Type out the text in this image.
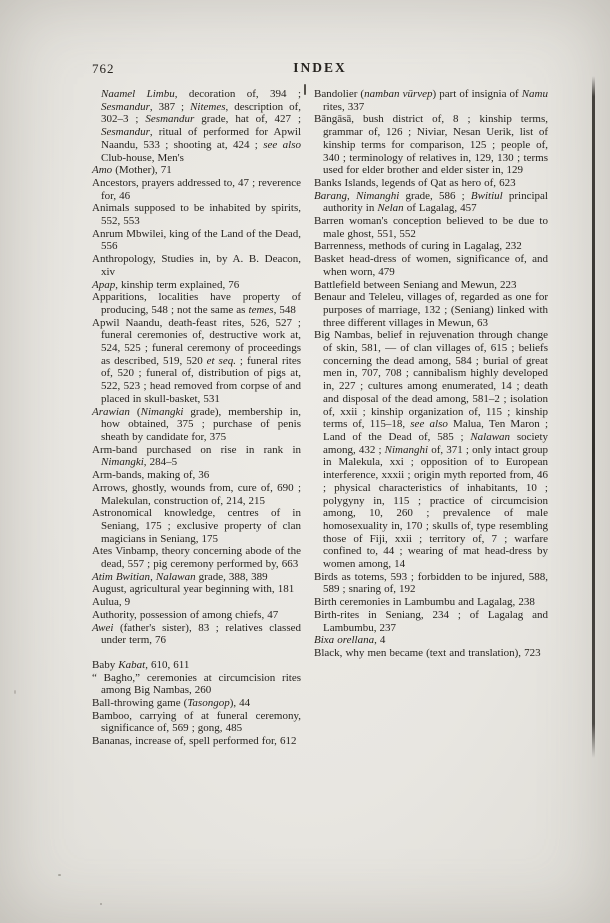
762	INDEX
Naamel Limbu, decoration of, 394 ; Sesmandur, 387 ; Nitemes, description of, 302–3 ; Sesmandur grade, hat of, 427 ; Sesmandur, ritual of performed for Apwil Naandu, 533 ; shooting at, 424 ; see also Club-house, Men's
Amo (Mother), 71
Ancestors, prayers addressed to, 47 ; reverence for, 46
Animals supposed to be inhabited by spirits, 552, 553
Anrum Mbwilei, king of the Land of the Dead, 556
Anthropology, Studies in, by A. B. Deacon, xiv
Apap, kinship term explained, 76
Apparitions, localities have property of producing, 548 ; not the same as temes, 548
Apwil Naandu, death-feast rites, 526, 527 ; funeral ceremonies of, destructive work at, 524, 525 ; funeral ceremony of proceedings as described, 519, 520 et seq. ; funeral rites of, 520 ; funeral of, distribution of pigs at, 522, 523 ; head removed from corpse of and placed in skull-basket, 531
Arawian (Nimangki grade), membership in, how obtained, 375 ; purchase of penis sheath by candidate for, 375
Arm-band purchased on rise in rank in Nimangki, 284–5
Arm-bands, making of, 36
Arrows, ghostly, wounds from, cure of, 690 ; Malekulan, construction of, 214, 215
Astronomical knowledge, centres of in Seniang, 175 ; exclusive property of clan magicians in Seniang, 175
Ates Vinbamp, theory concerning abode of the dead, 557 ; pig ceremony performed by, 663
Atim Bwitian, Nalawan grade, 388, 389
August, agricultural year beginning with, 181
Aulua, 9
Authority, possession of among chiefs, 47
Awei (father's sister), 83 ; relatives classed under term, 76
Baby Kabat, 610, 611
“ Bagho,” ceremonies at circumcision rites among Big Nambas, 260
Ball-throwing game (Tasongop), 44
Bamboo, carrying of at funeral ceremony, significance of, 569 ; gong, 485
Bananas, increase of, spell performed for, 612
Bandolier (namban vürvep) part of insignia of Namu rites, 337
Bāngāsā, bush district of, 8 ; kinship terms, grammar of, 126 ; Niviar, Nesan Uerik, list of kinship terms for comparison, 125 ; people of, 340 ; terminology of relatives in, 129, 130 ; terms used for elder brother and elder sister in, 129
Banks Islands, legends of Qat as hero of, 623
Barang, Nimanghi grade, 586 ; Bwitiul principal authority in Nelan of Lagalag, 457
Barren woman's conception believed to be due to male ghost, 551, 552
Barrenness, methods of curing in Lagalag, 232
Basket head-dress of women, significance of, and when worn, 479
Battlefield between Seniang and Mewun, 223
Benaur and Teleleu, villages of, regarded as one for purposes of marriage, 132 ; (Seniang) linked with three different villages in Mewun, 63
Big Nambas, belief in rejuvenation through change of skin, 581, — of clan villages of, 615 ; beliefs concerning the dead among, 584 ; burial of great men in, 707, 708 ; cannibalism highly developed in, 227 ; cultures among enumerated, 14 ; death and disposal of the dead among, 581–2 ; isolation of, xxii ; kinship organization of, 115 ; kinship terms of, 115–18, see also Malua, Ten Maron ; Land of the Dead of, 585 ; Nalawan society among, 432 ; Nimanghi of, 371 ; only intact group in Malekula, xxi ; opposition of to European interference, xxxii ; origin myth reported from, 46 ; physical characteristics of inhabitants, 10 ; polygyny in, 115 ; practice of circumcision among, 10, 260 ; prevalence of male homosexuality in, 170 ; skulls of, type resembling those of Fiji, xxii ; territory of, 7 ; warfare confined to, 44 ; wearing of mat head-dress by women among, 14
Birds as totems, 593 ; forbidden to be injured, 588, 589 ; snaring of, 192
Birth ceremonies in Lambumbu and Lagalag, 238
Birth-rites in Seniang, 234 ; of Lagalag and Lambumbu, 237
Bixa orellana, 4
Black, why men became (text and translation), 723
